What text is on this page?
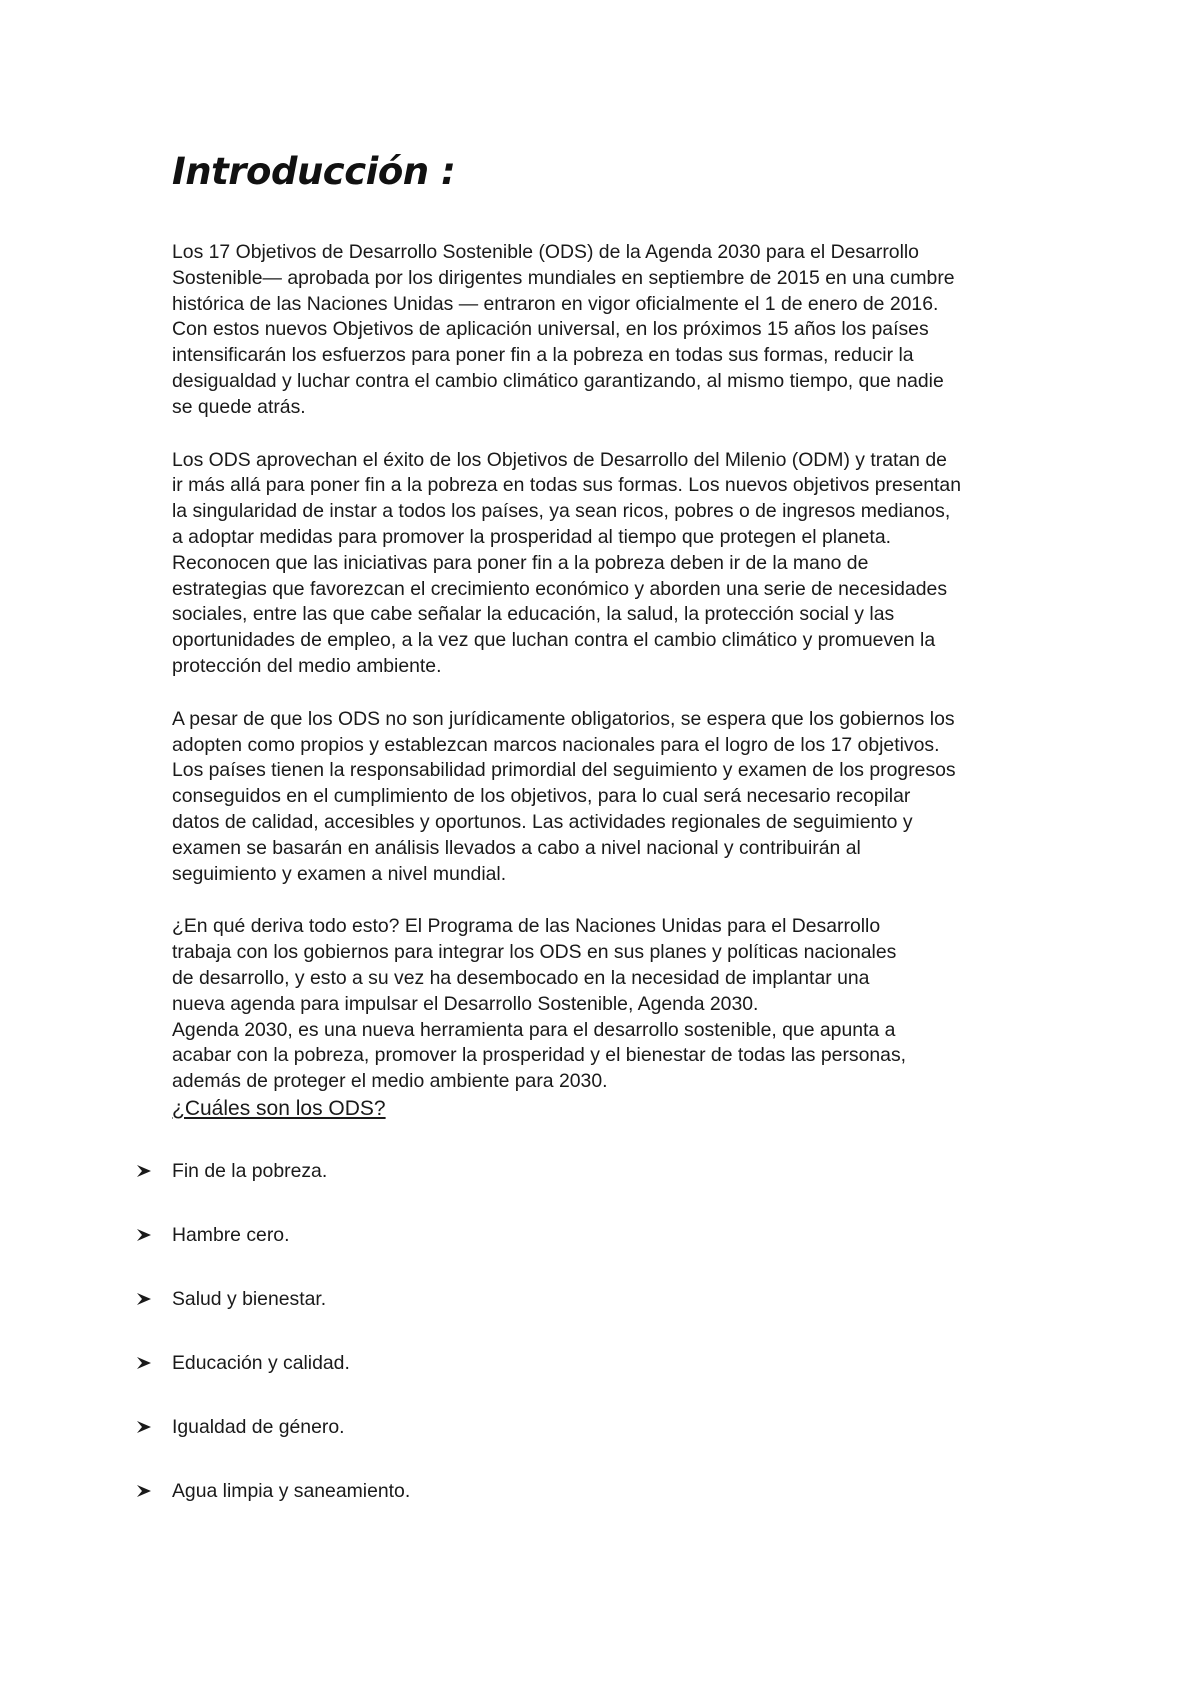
Introducción :

Los 17 Objetivos de Desarrollo Sostenible (ODS) de la Agenda 2030 para el Desarrollo
Sostenible— aprobada por los dirigentes mundiales en septiembre de 2015 en una cumbre
histórica de las Naciones Unidas — entraron en vigor oficialmente el 1 de enero de 2016.
Con estos nuevos Objetivos de aplicación universal, en los próximos 15 años los países
intensificarán los esfuerzos para poner fin a la pobreza en todas sus formas, reducir la
desigualdad y luchar contra el cambio climático garantizando, al mismo tiempo, que nadie
se quede atrás.

Los ODS aprovechan el éxito de los Objetivos de Desarrollo del Milenio (ODM) y tratan de
ir más allá para poner fin a la pobreza en todas sus formas. Los nuevos objetivos presentan
la singularidad de instar a todos los países, ya sean ricos, pobres o de ingresos medianos,
a adoptar medidas para promover la prosperidad al tiempo que protegen el planeta.
Reconocen que las iniciativas para poner fin a la pobreza deben ir de la mano de
estrategias que favorezcan el crecimiento económico y aborden una serie de necesidades
sociales, entre las que cabe señalar la educación, la salud, la protección social y las
oportunidades de empleo, a la vez que luchan contra el cambio climático y promueven la
protección del medio ambiente.

A pesar de que los ODS no son jurídicamente obligatorios, se espera que los gobiernos los
adopten como propios y establezcan marcos nacionales para el logro de los 17 objetivos.
Los países tienen la responsabilidad primordial del seguimiento y examen de los progresos
conseguidos en el cumplimiento de los objetivos, para lo cual será necesario recopilar
datos de calidad, accesibles y oportunos. Las actividades regionales de seguimiento y
examen se basarán en análisis llevados a cabo a nivel nacional y contribuirán al
seguimiento y examen a nivel mundial.

¿En qué deriva todo esto? El Programa de las Naciones Unidas para el Desarrollo
trabaja con los gobiernos para integrar los ODS en sus planes y políticas nacionales
de desarrollo, y esto a su vez ha desembocado en la necesidad de implantar una
nueva agenda para impulsar el Desarrollo Sostenible, Agenda 2030.
Agenda 2030, es una nueva herramienta para el desarrollo sostenible, que apunta a
acabar con la pobreza, promover la prosperidad y el bienestar de todas las personas,
además de proteger el medio ambiente para 2030.

¿Cuáles son los ODS?
Fin de la pobreza.
Hambre cero.
Salud y bienestar.
Educación y calidad.
Igualdad de género.
Agua limpia y saneamiento.
